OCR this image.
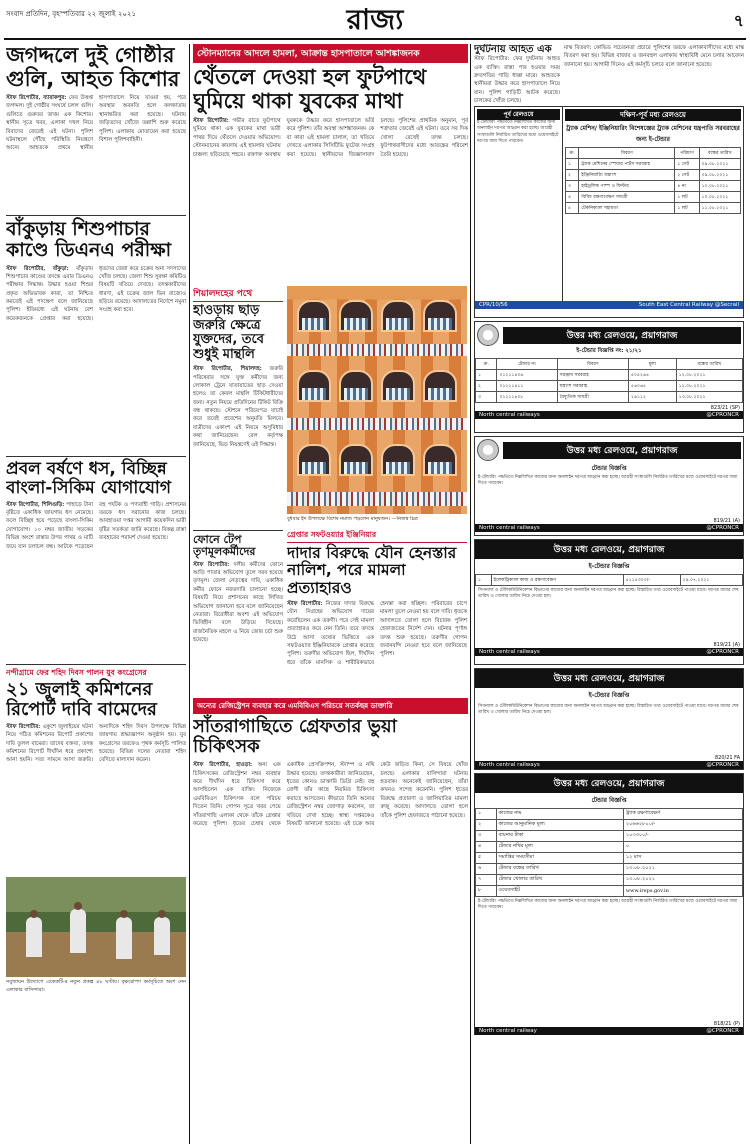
সংবাদ প্রতিদিন, বৃহস্পতিবার ২২ জুলাই ২০২১	রাজ্য	৭
জগদ্দলে দুই গোষ্ঠীর গুলি, আহত কিশোর
স্টাফ রিপোর্টার, ব্যারাকপুর: ফের উত্তপ্ত জগদ্দল। দুই গোষ্ঠীর সংঘর্ষে চলল গুলি। গুলিতে গুরুতর জখম এক কিশোর। স্থানীয় সূত্রে খবর, এলাকা দখল নিয়ে বিবাদের জেরেই এই ঘটনা। পুলিশ ঘটনাস্থলে পৌঁছে পরিস্থিতি নিয়ন্ত্রণে আনে। আহতকে প্রথমে স্থানীয় হাসপাতালে নিয়ে যাওয়া হয়, পরে অবস্থার অবনতি হলে কলকাতায় স্থানান্তরিত করা হয়েছে। ঘটনায় জড়িতদের খোঁজে তল্লাশি শুরু করেছে পুলিশ। এলাকায় মোতায়েন করা হয়েছে বিশাল পুলিশবাহিনী।
বাঁকুড়ায় শিশুপাচার কাণ্ডে ডিএনএ পরীক্ষা
স্টাফ রিপোর্টার, বাঁকুড়া: বাঁকুড়ায় শিশুপাচার কাণ্ডের তদন্তে এবার ডিএনএ পরীক্ষার সিদ্ধান্ত। উদ্ধার হওয়া শিশুর প্রকৃত অভিভাবক কারা, তা নিশ্চিত করতেই এই পদক্ষেপ বলে জানিয়েছে পুলিশ। ইতিমধ্যে এই ঘটনায় বেশ কয়েকজনকে গ্রেপ্তার করা হয়েছে। ধৃতদের জেরা করে চক্রের অন্য সদস্যদের খোঁজ চলছে। জেলা শিশু সুরক্ষা কমিটিও বিষয়টি খতিয়ে দেখছে। তদন্তকারীদের ধারণা, এই চক্রের জাল ভিন রাজ্যেও ছড়িয়ে রয়েছে। আদালতের নির্দেশে নমুনা সংগ্রহ করা হবে।
প্রবল বর্ষণে ধস, বিচ্ছিন্ন বাংলা-সিকিম যোগাযোগ
স্টাফ রিপোর্টার, শিলিগুড়ি: পাহাড়ে টানা বৃষ্টিতে একাধিক জায়গায় ধস নেমেছে। ফলে বিচ্ছিন্ন হয়ে পড়েছে বাংলা-সিকিম যোগাযোগ। ১০ নম্বর জাতীয় সড়কের বিভিন্ন অংশে রাস্তার উপর পাথর ও মাটি জমে যান চলাচল বন্ধ। আটকে পড়েছেন বহু পর্যটক ও পণ্যবাহী গাড়ি। প্রশাসনের তরফে ধস সরানোর কাজ চলছে। আবহাওয়া দপ্তর আগামী কয়েকদিন ভারী বৃষ্টির সতর্কতা জারি করেছে। বিকল্প রাস্তা ব্যবহারের পরামর্শ দেওয়া হয়েছে।
নন্দীগ্রামে ফের শহিদ দিবস পালন যুব কংগ্রেসের
২১ জুলাই কমিশনের রিপোর্ট দাবি বামেদের
স্টাফ রিপোর্টার: একুশে জুলাইয়ের ঘটনা নিয়ে গঠিত কমিশনের রিপোর্ট প্রকাশের দাবি তুলল বামেরা। তাদের বক্তব্য, তদন্ত কমিশনের রিপোর্ট দীর্ঘদিন ধরে প্রকাশ্যে আনা হয়নি। সত্য সামনে আসা জরুরি। অন্যদিকে শহিদ দিবস উপলক্ষে বিভিন্ন জায়গায় শ্রদ্ধাজ্ঞাপন অনুষ্ঠান হয়। যুব কংগ্রেসের তরফেও পৃথক কর্মসূচি পালিত হয়েছে। বিভিন্ন দলের নেতারা শহিদ বেদিতে মাল্যদান করেন।
সবুজায়ন উদ্যোগে একেকটি-র নতুন প্রকল্প ৪৮ ঘণ্টায়। বৃক্ষরোপণ কর্মসূচিতে অংশ নেন এলাকার বাসিন্দারা।
স্টোনম্যানের আদলে হামলা, আক্রান্ত হাসপাতালে আশঙ্কাজনক
থেঁতলে দেওয়া হল ফুটপাথে ঘুমিয়ে থাকা যুবকের মাথা
স্টাফ রিপোর্টার: গভীর রাতে ফুটপাথে ঘুমিয়ে থাকা এক যুবকের মাথা ভারী পাথর দিয়ে থেঁতলে দেওয়ার অভিযোগ। স্টোনম্যানের কায়দায় এই হামলার ঘটনায় চাঞ্চল্য ছড়িয়েছে শহরে। রক্তাক্ত অবস্থায় যুবককে উদ্ধার করে হাসপাতালে ভর্তি করে পুলিশ। তাঁর অবস্থা আশঙ্কাজনক। কে বা কারা এই হামলা চালাল, তা খতিয়ে দেখতে এলাকার সিসিটিভি ফুটেজ সংগ্রহ করা হয়েছে। স্থানীয়দের জিজ্ঞাসাবাদ চলছে। পুলিশের প্রাথমিক অনুমান, পূর্ব শত্রুতার জেরেই এই ঘটনা। তবে সব দিক খোলা রেখেই তদন্ত চলছে। ফুটপাথবাসীদের মধ্যে আতঙ্কের পরিবেশ তৈরি হয়েছে।
শিয়ালদহের পথে
হাওড়ায় ছাড় জরুরি ক্ষেত্রে যুক্তদের, তবে শুধুই মান্থলি
স্টাফ রিপোর্টার, শিয়ালদহ: জরুরি পরিষেবার সঙ্গে যুক্ত কর্মীদের জন্য লোকাল ট্রেনে যাতায়াতের ছাড় দেওয়া হলেও তা কেবল মান্থলি টিকিটধারীদের জন্য। নতুন নিয়মে প্রতিদিনের টিকিট বিক্রি বন্ধ থাকছে। স্টেশনে পরিচয়পত্র যাচাই করে তবেই প্রবেশের অনুমতি মিলবে। যাত্রীদের একাংশ এই নিয়মে অসুবিধার কথা জানিয়েছেন। রেল কর্তৃপক্ষ জানিয়েছে, ভিড় নিয়ন্ত্রণেই এই সিদ্ধান্ত।
বুধবার ইদ উপলক্ষে বিশেষ নমাজ পড়লেন মানুষজন। —নিজস্ব চিত্র
ফোনে টেপ তৃণমূলকর্মীদের
স্টাফ রিপোর্টার: দলীয় কর্মীদের ফোনে আড়ি পাতার অভিযোগ তুলে সরব হয়েছে তৃণমূল। জেলা নেতৃত্বের দাবি, একাধিক কর্মীর ফোনে নজরদারি চালানো হচ্ছে। বিষয়টি নিয়ে প্রশাসনের কাছে লিখিত অভিযোগ জানানো হবে বলে জানিয়েছেন নেতারা। বিরোধীরা অবশ্য এই অভিযোগ ভিত্তিহীন বলে উড়িয়ে দিয়েছে। রাজনৈতিক মহলে এ নিয়ে জোর চর্চা শুরু হয়েছে।
গ্রেপ্তার সফটওয়্যার ইঞ্জিনিয়ার
দাদার বিরুদ্ধে যৌন হেনস্তার নালিশ, পরে মামলা প্রত্যাহারও
স্টাফ রিপোর্টার: নিজের দাদার বিরুদ্ধে যৌন নিগ্রহের অভিযোগ দায়ের করেছিলেন এক তরুণী। পরে সেই মামলা প্রত্যাহারও করে নেন তিনি। তবে তদন্তে উঠে আসা তথ্যের ভিত্তিতে এক সফটওয়্যার ইঞ্জিনিয়ারকে গ্রেপ্তার করেছে পুলিশ। তরুণীর অভিযোগ ছিল, দীর্ঘদিন ধরে তাঁকে মানসিক ও শারীরিকভাবে হেনস্তা করা হচ্ছিল। পরিবারের চাপে মামলা তুলে নেওয়া হয় বলে দাবি। ধৃতকে আদালতে তোলা হলে বিচারক পুলিশ হেফাজতের নির্দেশ দেন। ঘটনার পূর্ণাঙ্গ তদন্ত শুরু হয়েছে। তরুণীর গোপন জবানবন্দি নেওয়া হবে বলে জানিয়েছে পুলিশ।
অন্যের রেজিস্ট্রেশন ব্যবহার করে এমবিবিএস পরিচয়ে সতর্কছন্ন ডাক্তারি
সাঁতরাগাছিতে গ্রেফতার ভুয়া চিকিৎসক
স্টাফ রিপোর্টার, হাওড়া: অন্য এক চিকিৎসকের রেজিস্ট্রেশন নম্বর ব্যবহার করে দীর্ঘদিন ধরে চিকিৎসা করে আসছিলেন এক ব্যক্তি। নিজেকে এমবিবিএস চিকিৎসক বলে পরিচয় দিতেন তিনি। গোপন সূত্রে খবর পেয়ে সাঁতরাগাছি এলাকা থেকে তাঁকে গ্রেপ্তার করেছে পুলিশ। ধৃতের চেম্বার থেকে একাধিক প্রেসক্রিপশন, স্ট্যাম্প ও নথি উদ্ধার হয়েছে। তদন্তকারীরা জানিয়েছেন, ধৃতের কোনও ডাক্তারি ডিগ্রি নেই। বহু রোগী তাঁর কাছে নিয়মিত চিকিৎসা করাতে আসতেন। কীভাবে তিনি অন্যের রেজিস্ট্রেশন নম্বর জোগাড় করলেন, তা খতিয়ে দেখা হচ্ছে। স্বাস্থ্য দপ্তরকেও বিষয়টি জানানো হয়েছে। এই চক্রে আর কেউ জড়িত কিনা, সে বিষয়ে খোঁজ চলছে। এলাকার বাসিন্দারা ঘটনায় হতবাক। অনেকেই জানিয়েছেন, তাঁরা কখনও সন্দেহ করেননি। পুলিশ ধৃতের বিরুদ্ধে প্রতারণা ও জালিয়াতির মামলা রুজু করেছে। আদালতে তোলা হলে তাঁকে পুলিশ হেফাজতে পাঠানো হয়েছে।
দুর্ঘটনায় আহত এক
স্টাফ রিপোর্টার: ফের দুর্ঘটনায় আহত এক ব্যক্তি। রাস্তা পার হওয়ার সময় দ্রুতগতির গাড়ি ধাক্কা মারে। আহতকে স্থানীয়রা উদ্ধার করে হাসপাতালে নিয়ে যান। পুলিশ গাড়িটি আটক করেছে। চালকের খোঁজ চলছে।
মাস্ক বিতরণ: কোভিড সচেতনতা প্রচারে পুলিশের তরফে এলাকাবাসীদের মধ্যে মাস্ক বিতরণ করা হয়। বিভিন্ন বাজার ও জনবহুল এলাকায় স্বাস্থ্যবিধি মেনে চলার আবেদন জানানো হয়। আগামী দিনেও এই কর্মসূচি চলবে বলে জানানো হয়েছে।
পূর্ব রেলওয়ে
ই-টেন্ডারিং পদ্ধতিতে নিম্নলিখিত কাজের জন্য অনলাইন দরপত্র আহ্বান করা হচ্ছে। আগ্রহী সংস্থাগুলি নির্ধারিত তারিখের মধ্যে ওয়েবসাইটে দরপত্র জমা দিতে পারবেন।
দক্ষিণ-পূর্ব মধ্য রেলওয়ে
ট্র্যাক মেশিন/ ইঞ্জিনিয়ারিং বিশেষজ্ঞের ট্র্যাক মেশিনের যন্ত্রপাতি সরবরাহের জন্য ই-টেন্ডার
ক্র.	বিবরণ	পরিমাণ	বন্ধের তারিখ
১	ট্র্যাক মেশিনের স্পেয়ার পার্টস সরবরাহ	১ সেট	০৯.০৮.২০২১
২	ইঞ্জিনিয়ারিং যন্ত্রাংশ	২ সেট	০৯.০৮.২০২১
৩	হাইড্রলিক পাম্প ও ফিল্টার	৪ নং	১০.০৮.২০২১
৪	বিবিধ রক্ষণাবেক্ষণ সামগ্রী	১ লট	১০.০৮.২০২১
৫	টেকনিক্যাল সহায়তা	১ লট	১১.০৮.২০২১
CPR/10/56	South East Central Railway @Secrail
উত্তর মধ্য রেলওয়ে, প্রয়াগরাজ
ই-টেন্ডার বিজ্ঞপ্তি নং: ২১/২১
ক্র.	টেন্ডার নং	বিবরণ	মূল্য	বন্ধের তারিখ
১	০১২১১৪০৬	সরঞ্জাম সরবরাহ	৫০৫২৬৪	১২.০৮.২০২১
২	০১২১১৪১১	যন্ত্রাংশ সরবরাহ	৫৬০৬৫	১২.০৮.২০২১
৩	০১২১১৪০৮	বৈদ্যুতিক সামগ্রী	২৬১১২	১৩.০৮.২০২১
823/21 (SP)
North central railways	@CPRONCR
উত্তর মধ্য রেলওয়ে, প্রয়াগরাজ
টেন্ডার বিজ্ঞপ্তি
ই-টেন্ডারিং পদ্ধতিতে নিম্নলিখিত কাজের জন্য অনলাইন দরপত্র আহ্বান করা হচ্ছে। আগ্রহী সংস্থাগুলি নির্ধারিত তারিখের মধ্যে ওয়েবসাইটে দরপত্র জমা দিতে পারবেন।
819/21 (A)
North central railways	@CPRONCR
উত্তর মধ্য রেলওয়ে, প্রয়াগরাজ
ই-টেন্ডার বিজ্ঞপ্তি
১	ইলেকট্রিক্যাল কাজ ও রক্ষণাবেক্ষণ	৫১১৫৩০০/-	২৯.০৭.২০২১
সিগন্যাল ও টেলিকমিউনিকেশন বিভাগের কাজের জন্য অনলাইন দরপত্র আহ্বান করা হচ্ছে। বিস্তারিত তথ্য ওয়েবসাইটে পাওয়া যাবে। দরপত্র জমার শেষ তারিখ ও খোলার তারিখ নিচে দেওয়া হল।
819/21 (A)
North central railways	@CPRONCR
উত্তর মধ্য রেলওয়ে, প্রয়াগরাজ
ই-টেন্ডার বিজ্ঞপ্তি
সিগন্যাল ও টেলিকমিউনিকেশন বিভাগের কাজের জন্য অনলাইন দরপত্র আহ্বান করা হচ্ছে। বিস্তারিত তথ্য ওয়েবসাইটে পাওয়া যাবে। দরপত্র জমার শেষ তারিখ ও খোলার তারিখ নিচে দেওয়া হল।
820/21 FA
North central railways	@CPRONCR
উত্তর মধ্য রেলওয়ে, প্রয়াগরাজ
টেন্ডার বিজ্ঞপ্তি
১	কাজের নাম	ট্র্যাক রক্ষণাবেক্ষণ
২	কাজের আনুমানিক মূল্য	২০৬৬২৮০০/-
৩	বায়নার টাকা	১০৩৩০০/-
৪	টেন্ডার নথির মূল্য	০
৫	সমাপ্তির সময়সীমা	১২ মাস
৬	টেন্ডার বন্ধের তারিখ	১৩.০৮.২০২১
৭	টেন্ডার খোলার তারিখ	১৩.০৮.২০২১
৮	ওয়েবসাইট	www.ireps.gov.in
ই-টেন্ডারিং পদ্ধতিতে নিম্নলিখিত কাজের জন্য অনলাইন দরপত্র আহ্বান করা হচ্ছে। আগ্রহী সংস্থাগুলি নির্ধারিত তারিখের মধ্যে ওয়েবসাইটে দরপত্র জমা দিতে পারবেন।
818/21 (P)
North central railway	@CPRONCR
